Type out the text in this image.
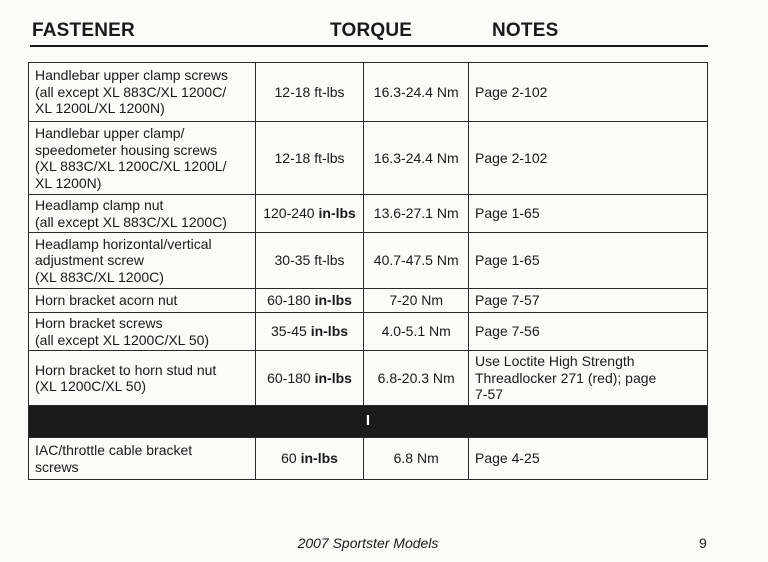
FASTENER	TORQUE	NOTES
Handlebar upper clamp screws
(all except XL 883C/XL 1200C/
XL 1200L/XL 1200N)	12-18 ft-lbs	16.3-24.4 Nm	Page 2-102
Handlebar upper clamp/
speedometer housing screws
(XL 883C/XL 1200C/XL 1200L/
XL 1200N)	12-18 ft-lbs	16.3-24.4 Nm	Page 2-102
Headlamp clamp nut
(all except XL 883C/XL 1200C)	120-240 in-lbs	13.6-27.1 Nm	Page 1-65
Headlamp horizontal/vertical
adjustment screw
(XL 883C/XL 1200C)	30-35 ft-lbs	40.7-47.5 Nm	Page 1-65
Horn bracket acorn nut	60-180 in-lbs	7-20 Nm	Page 7-57
Horn bracket screws
(all except XL 1200C/XL 50)	35-45 in-lbs	4.0-5.1 Nm	Page 7-56
Horn bracket to horn stud nut
(XL 1200C/XL 50)	60-180 in-lbs	6.8-20.3 Nm	Use Loctite High Strength
Threadlocker 271 (red); page
7-57
I			
IAC/throttle cable bracket
screws	60 in-lbs	6.8 Nm	Page 4-25
2007 Sportster Models	9
